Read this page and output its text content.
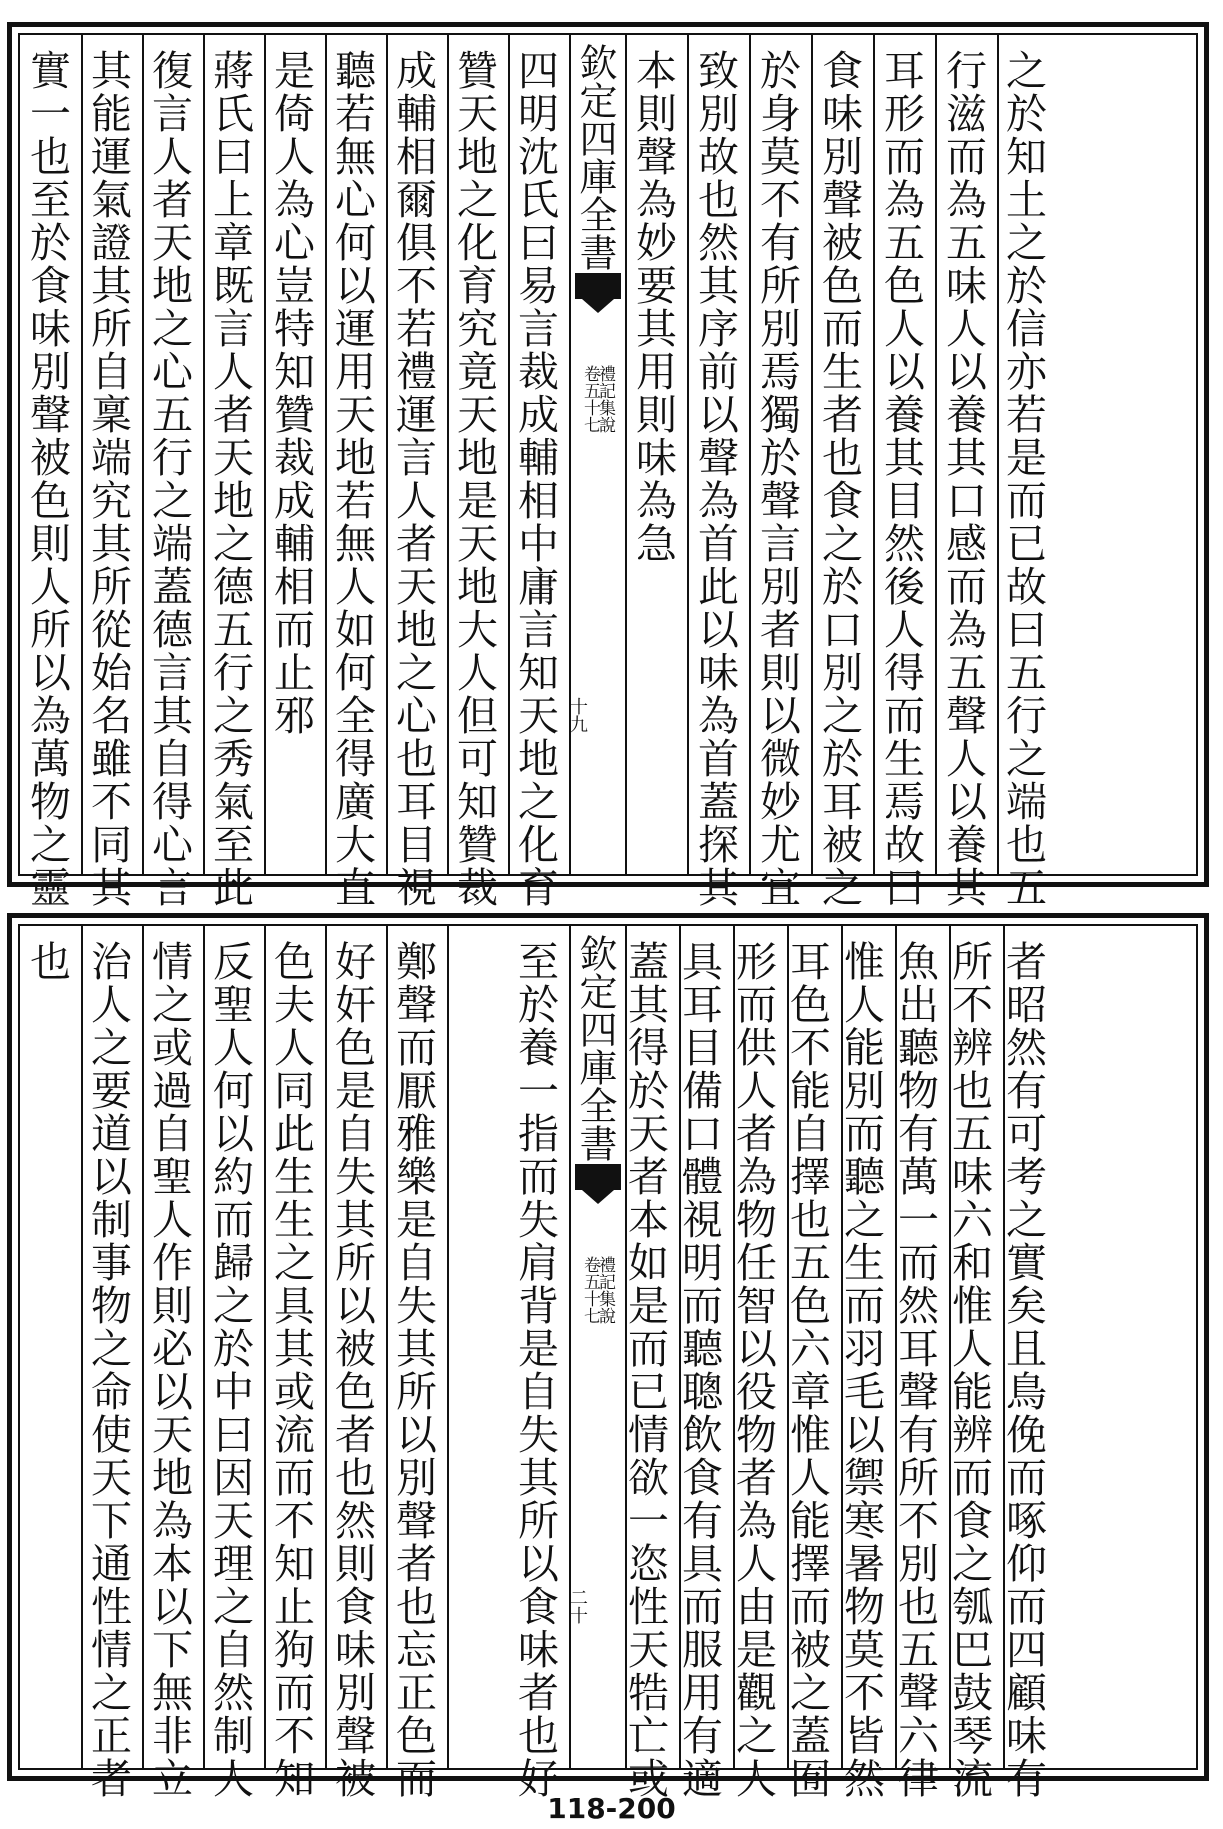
實一也至於食味別聲被色則人所以為萬物之靈 其能運氣證其所自稟端究其所從始名雖不同其 復言人者天地之心五行之端蓋德言其自得心言 蔣氏曰上章既言人者天地之德五行之秀氣至此 是倚人為心豈特知贊裁成輔相而止邪 聽若無心何以運用天地若無人如何全得廣大直 成輔相爾俱不若禮運言人者天地之心也耳目視 贊天地之化育究竟天地是天地大人但可知贊裁 四明沈氏曰易言裁成輔相中庸言知天地之化育 欽定四庫全書
禮記集說
卷五十七
十九
本則聲為妙要其用則味為急 致別故也然其序前以聲為首此以味為首蓋探其 於身莫不有所別焉獨於聲言別者則以微妙尤宜 食味別聲被色而生者也食之於口別之於耳被之 耳形而為五色人以養其目然後人得而生焉故曰 行滋而為五味人以養其口感而為五聲人以養其 之於知土之於信亦若是而已故曰五行之端也五
也 治人之要道以制事物之命使天下通性情之正者 情之或過自聖人作則必以天地為本以下無非立 反聖人何以約而歸之於中曰因天理之自然制人 色夫人同此生生之具其或流而不知止狗而不知 好奸色是自失其所以被色者也然則食味別聲被 鄭聲而厭雅樂是自失其所以別聲者也忘正色而 至於養一指而失肩背是自失其所以食味者也好 欽定四庫全書
禮記集說
卷五十七
二十 蓋其得於天者本如是而已情欲一恣性天牿亡或 具耳目備口體視明而聽聰飲食有具而服用有適 形而供人者為物任智以役物者為人由是觀之人 耳色不能自擇也五色六章惟人能擇而被之蓋囿 惟人能別而聽之生而羽毛以禦寒暑物莫不皆然 魚出聽物有萬一而然耳聲有所不別也五聲六律 所不辨也五味六和惟人能辨而食之瓠巴鼓琴流 者昭然有可考之實矣且鳥俛而啄仰而四顧味有
118-200
